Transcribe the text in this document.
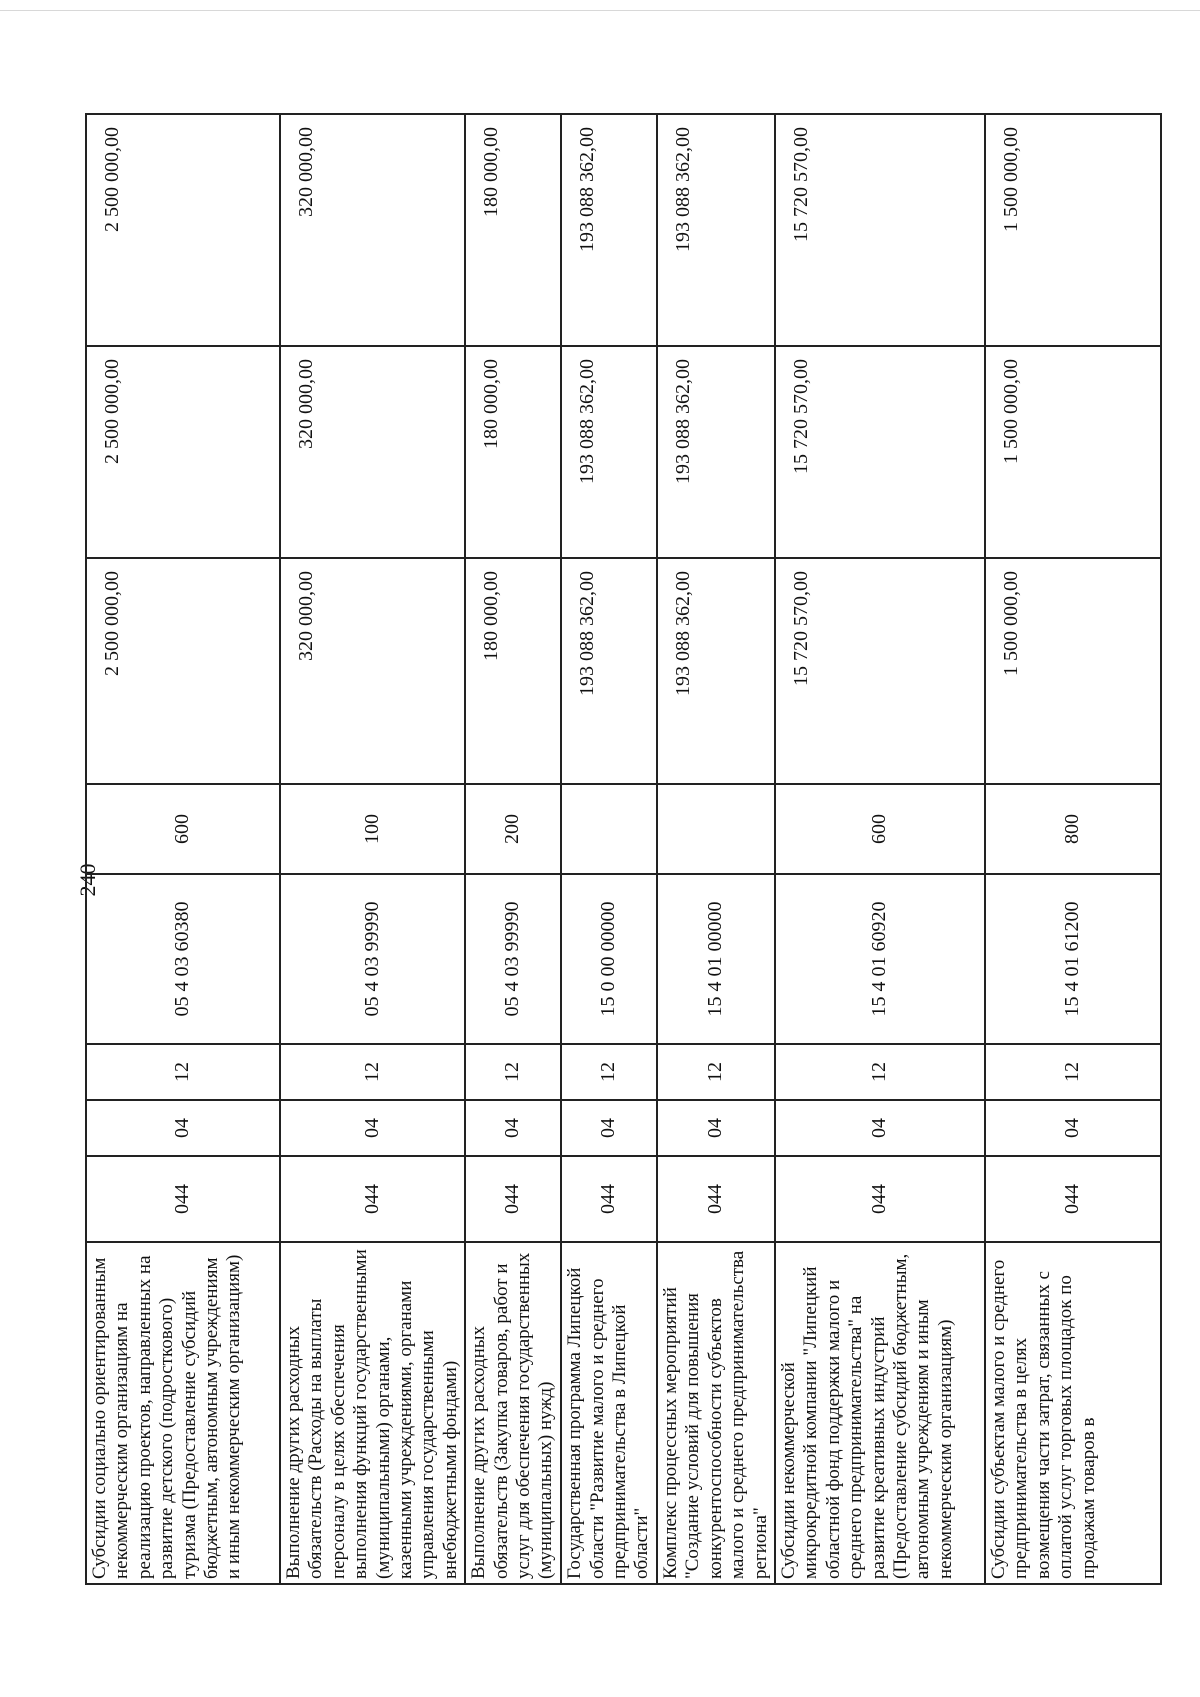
240
Субсидии социально ориентированным некоммерческим организациям на реализацию проектов, направленных на развитие детского (подросткового) туризма (Предоставление субсидий бюджетным, автономным учреждениям и иным некоммерческим организациям)	044	04	12	05 4 03 60380	600	2 500 000,00	2 500 000,00	2 500 000,00
Выполнение других расходных обязательств (Расходы на выплаты персоналу в целях обеспечения выполнения функций государственными (муниципальными) органами, казенными учреждениями, органами управления государственными внебюджетными фондами)	044	04	12	05 4 03 99990	100	320 000,00	320 000,00	320 000,00
Выполнение других расходных обязательств (Закупка товаров, работ и услуг для обеспечения государственных (муниципальных) нужд)	044	04	12	05 4 03 99990	200	180 000,00	180 000,00	180 000,00
Государственная программа Липецкой области "Развитие малого и среднего предпринимательства в Липецкой области"	044	04	12	15 0 00 00000		193 088 362,00	193 088 362,00	193 088 362,00
Комплекс процессных мероприятий "Создание условий для повышения конкурентоспособности субъектов малого и среднего предпринимательства региона"	044	04	12	15 4 01 00000		193 088 362,00	193 088 362,00	193 088 362,00
Субсидии некоммерческой микрокредитной компании "Липецкий областной фонд поддержки малого и среднего предпринимательства" на развитие креативных индустрий (Предоставление субсидий бюджетным, автономным учреждениям и иным некоммерческим организациям)	044	04	12	15 4 01 60920	600	15 720 570,00	15 720 570,00	15 720 570,00
Субсидии субъектам малого и среднего предпринимательства в целях возмещения части затрат, связанных с оплатой услуг торговых площадок по продажам товаров в	044	04	12	15 4 01 61200	800	1 500 000,00	1 500 000,00	1 500 000,00
